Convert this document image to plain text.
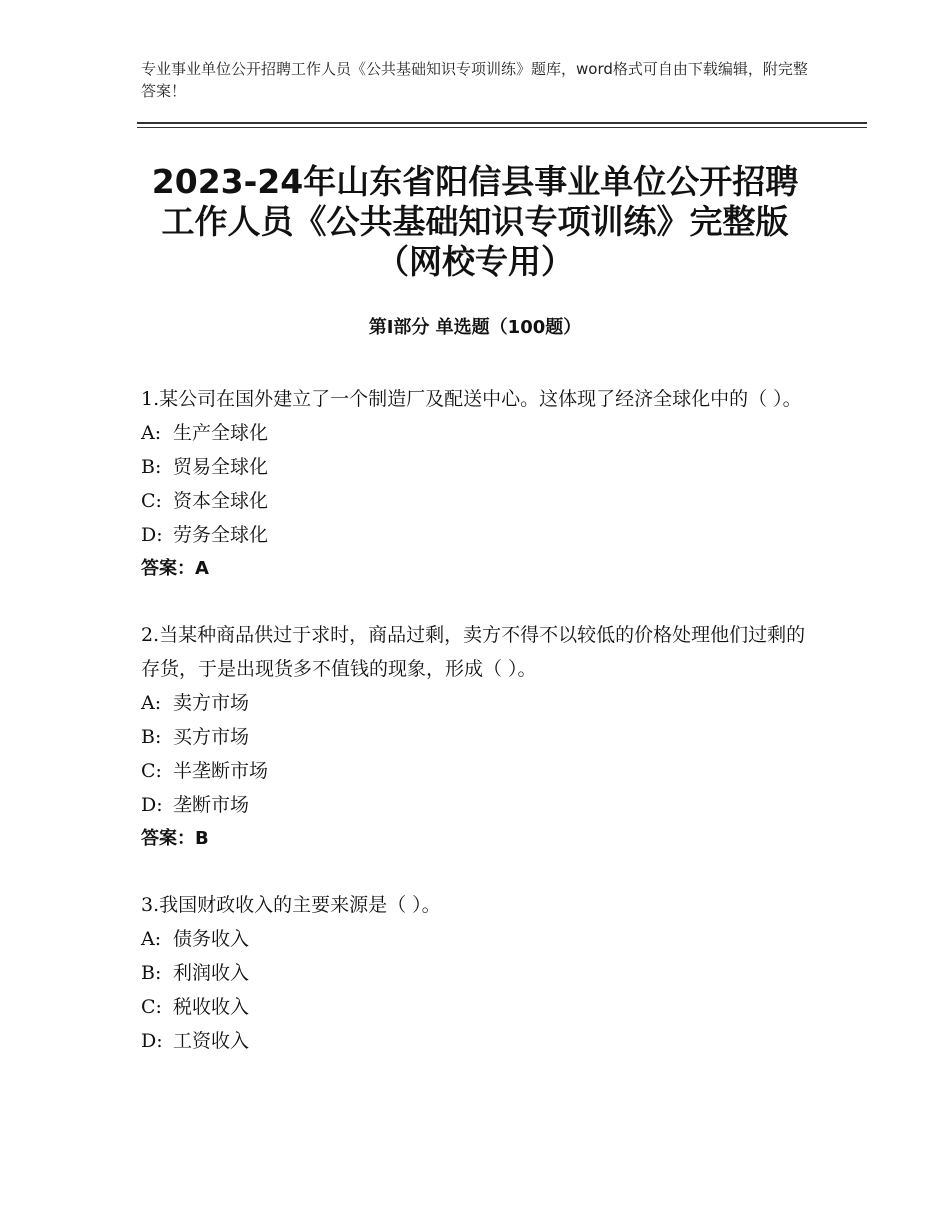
专业事业单位公开招聘工作人员《公共基础知识专项训练》题库，word格式可自由下载编辑，附完整答案！
2023-24年山东省阳信县事业单位公开招聘
工作人员《公共基础知识专项训练》完整版
（网校专用）
第Ⅰ部分 单选题（100题）
1.某公司在国外建立了一个制造厂及配送中心。这体现了经济全球化中的（ ）。
A: 生产全球化
B: 贸易全球化
C: 资本全球化
D: 劳务全球化
答案：A
2.当某种商品供过于求时，商品过剩，卖方不得不以较低的价格处理他们过剩的存货，于是出现货多不值钱的现象，形成（ ）。
A: 卖方市场
B: 买方市场
C: 半垄断市场
D: 垄断市场
答案：B
3.我国财政收入的主要来源是（ ）。
A: 债务收入
B: 利润收入
C: 税收收入
D: 工资收入
